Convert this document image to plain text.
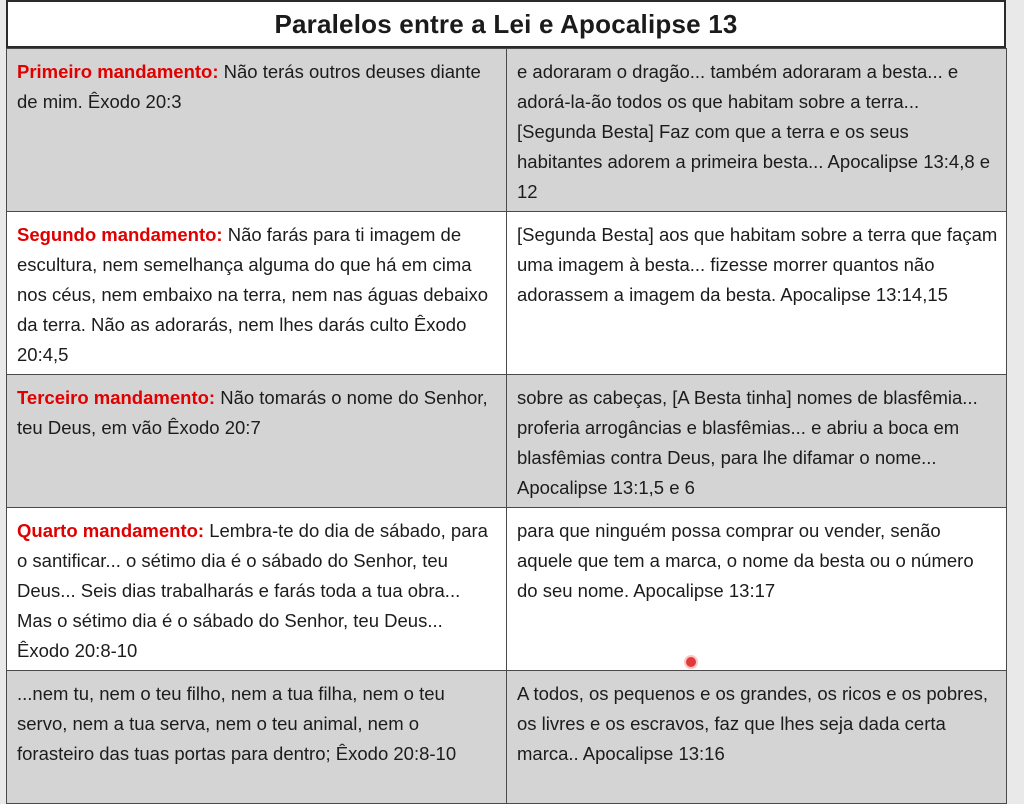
Paralelos entre a Lei e Apocalipse 13
Primeiro mandamento: Não terás outros deuses diante de mim. Êxodo 20:3	e adoraram o dragão... também adoraram a besta... e adorá-la-ão todos os que habitam sobre a terra... [Segunda Besta] Faz com que a terra e os seus habitantes adorem a primeira besta... Apocalipse 13:4,8 e 12
Segundo mandamento: Não farás para ti imagem de escultura, nem semelhança alguma do que há em cima nos céus, nem embaixo na terra, nem nas águas debaixo da terra. Não as adorarás, nem lhes darás culto Êxodo 20:4,5	[Segunda Besta] aos que habitam sobre a terra que façam uma imagem à besta... fizesse morrer quantos não adorassem a imagem da besta. Apocalipse 13:14,15
Terceiro mandamento: Não tomarás o nome do Senhor, teu Deus, em vão Êxodo 20:7	sobre as cabeças, [A Besta tinha] nomes de blasfêmia... proferia arrogâncias e blasfêmias... e abriu a boca em blasfêmias contra Deus, para lhe difamar o nome... Apocalipse 13:1,5 e 6
Quarto mandamento: Lembra-te do dia de sábado, para o santificar... o sétimo dia é o sábado do Senhor, teu Deus... Seis dias trabalharás e farás toda a tua obra... Mas o sétimo dia é o sábado do Senhor, teu Deus... Êxodo 20:8-10	para que ninguém possa comprar ou vender, senão aquele que tem a marca, o nome da besta ou o número do seu nome. Apocalipse 13:17
...nem tu, nem o teu filho, nem a tua filha, nem o teu servo, nem a tua serva, nem o teu animal, nem o forasteiro das tuas portas para dentro; Êxodo 20:8-10	A todos, os pequenos e os grandes, os ricos e os pobres, os livres e os escravos, faz que lhes seja dada certa marca.. Apocalipse 13:16
